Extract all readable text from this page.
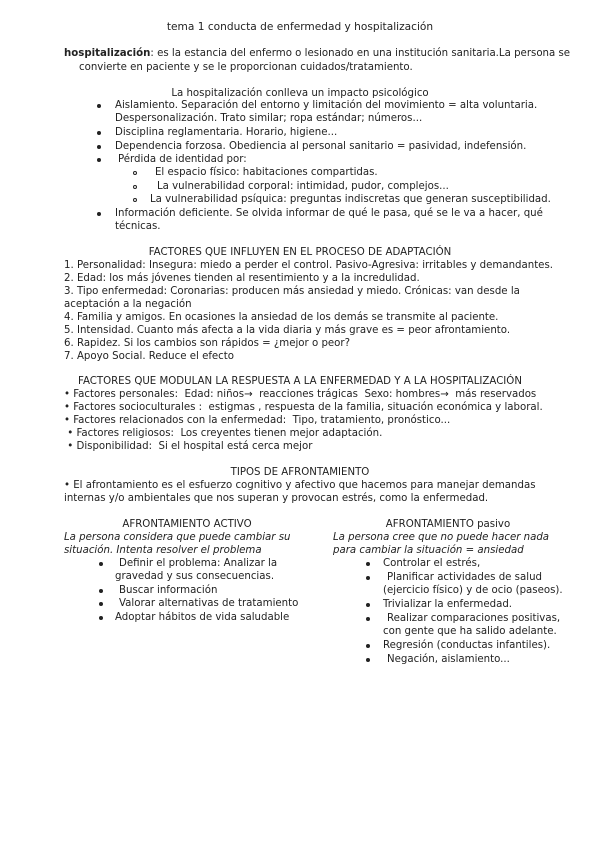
tema 1 conducta de enfermedad y hospitalización

hospitalización: es la estancia del enfermo o lesionado en una institución sanitaria.La persona se

convierte en paciente y se le proporcionan cuidados/tratamiento.

La hospitalización conlleva un impacto psicológico

Aislamiento. Separación del entorno y limitación del movimiento = alta voluntaria.

Despersonalización. Trato similar; ropa estándar; números...

Disciplina reglamentaria. Horario, higiene...

Dependencia forzosa. Obediencia al personal sanitario = pasividad, indefensión.

Pérdida de identidad por:

El espacio físico: habitaciones compartidas.

La vulnerabilidad corporal: intimidad, pudor, complejos...

La vulnerabilidad psíquica: preguntas indiscretas que generan susceptibilidad.

Información deficiente. Se olvida informar de qué le pasa, qué se le va a hacer, qué

técnicas.

FACTORES QUE INFLUYEN EN EL PROCESO DE ADAPTACIÓN

1. Personalidad: Insegura: miedo a perder el control. Pasivo-Agresiva: irritables y demandantes.

2. Edad: los más jóvenes tienden al resentimiento y a la incredulidad.

3. Tipo enfermedad: Coronarias: producen más ansiedad y miedo. Crónicas: van desde la

aceptación a la negación

4. Familia y amigos. En ocasiones la ansiedad de los demás se transmite al paciente.

5. Intensidad. Cuanto más afecta a la vida diaria y más grave es = peor afrontamiento.

6. Rapidez. Si los cambios son rápidos = ¿mejor o peor?

7. Apoyo Social. Reduce el efecto

FACTORES QUE MODULAN LA RESPUESTA A LA ENFERMEDAD Y A LA HOSPITALIZACIÓN

• Factores personales:  Edad: niños→  reacciones trágicas  Sexo: hombres→  más reservados

• Factores socioculturales :  estigmas , respuesta de la familia, situación económica y laboral.

• Factores relacionados con la enfermedad:  Tipo, tratamiento, pronóstico...

• Factores religiosos:  Los creyentes tienen mejor adaptación.

• Disponibilidad:  Si el hospital está cerca mejor

TIPOS DE AFRONTAMIENTO

• El afrontamiento es el esfuerzo cognitivo y afectivo que hacemos para manejar demandas

internas y/o ambientales que nos superan y provocan estrés, como la enfermedad.

AFRONTAMIENTO ACTIVO

La persona considera que puede cambiar su

situación. Intenta resolver el problema

Definir el problema: Analizar la

gravedad y sus consecuencias.

Buscar información

Valorar alternativas de tratamiento

Adoptar hábitos de vida saludable

AFRONTAMIENTO pasivo

La persona cree que no puede hacer nada

para cambiar la situación = ansiedad

Controlar el estrés,

Planificar actividades de salud

(ejercicio físico) y de ocio (paseos).

Trivializar la enfermedad.

Realizar comparaciones positivas,

con gente que ha salido adelante.

Regresión (conductas infantiles).

Negación, aislamiento...
